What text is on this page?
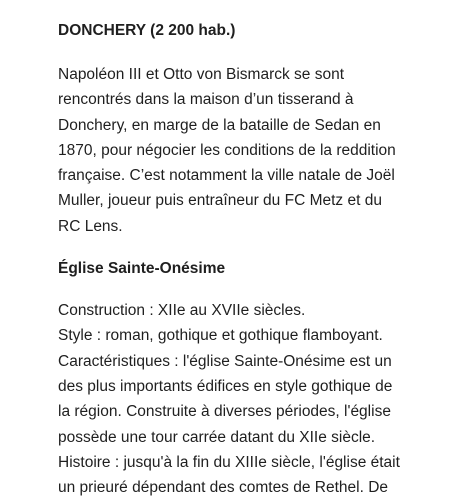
DONCHERY (2 200 hab.)

Napoléon III et Otto von Bismarck se sont
rencontrés dans la maison d’un tisserand à
Donchery, en marge de la bataille de Sedan en
1870, pour négocier les conditions de la reddition
française. C’est notamment la ville natale de Joël
Muller, joueur puis entraîneur du FC Metz et du
RC Lens.

Église Sainte-Onésime

Construction : XIIe au XVIIe siècles.
Style : roman, gothique et gothique flamboyant.
Caractéristiques : l'église Sainte-Onésime est un
des plus importants édifices en style gothique de
la région. Construite à diverses périodes, l'église
possède une tour carrée datant du XIIe siècle.
Histoire : jusqu'à la fin du XIIIe siècle, l'église était
un prieuré dépendant des comtes de Rethel. De
